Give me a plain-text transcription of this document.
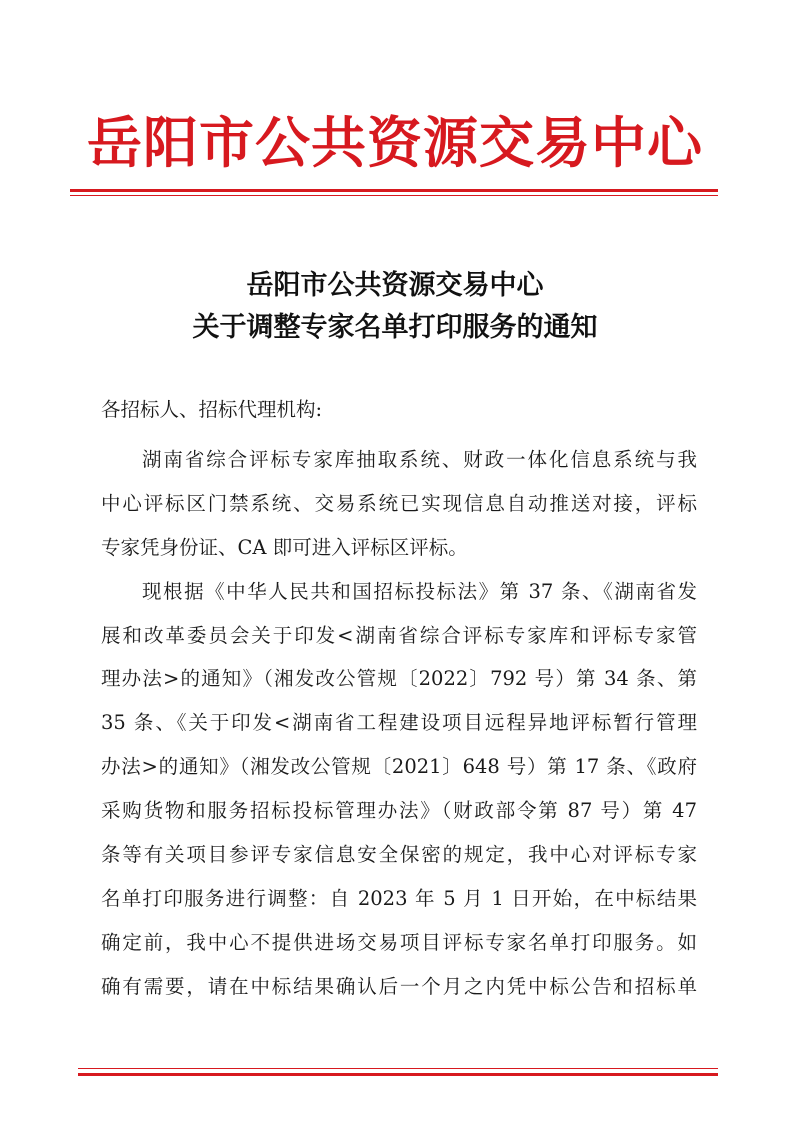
岳阳市公共资源交易中心
岳阳市公共资源交易中心
关于调整专家名单打印服务的通知
各招标人、招标代理机构:
湖南省综合评标专家库抽取系统、财政一体化信息系统与我
中心评标区门禁系统、交易系统已实现信息自动推送对接，评标
专家凭身份证、CA 即可进入评标区评标。
现根据《中华人民共和国招标投标法》第 37 条、《湖南省发
展和改革委员会关于印发<湖南省综合评标专家库和评标专家管
理办法>的通知》（湘发改公管规〔2022〕792 号）第 34 条、第
35 条、《关于印发<湖南省工程建设项目远程异地评标暂行管理
办法>的通知》（湘发改公管规〔2021〕648 号）第 17 条、《政府
采购货物和服务招标投标管理办法》（财政部令第 87 号）第 47
条等有关项目参评专家信息安全保密的规定，我中心对评标专家
名单打印服务进行调整：自 2023 年 5 月 1 日开始，在中标结果
确定前，我中心不提供进场交易项目评标专家名单打印服务。如
确有需要，请在中标结果确认后一个月之内凭中标公告和招标单
